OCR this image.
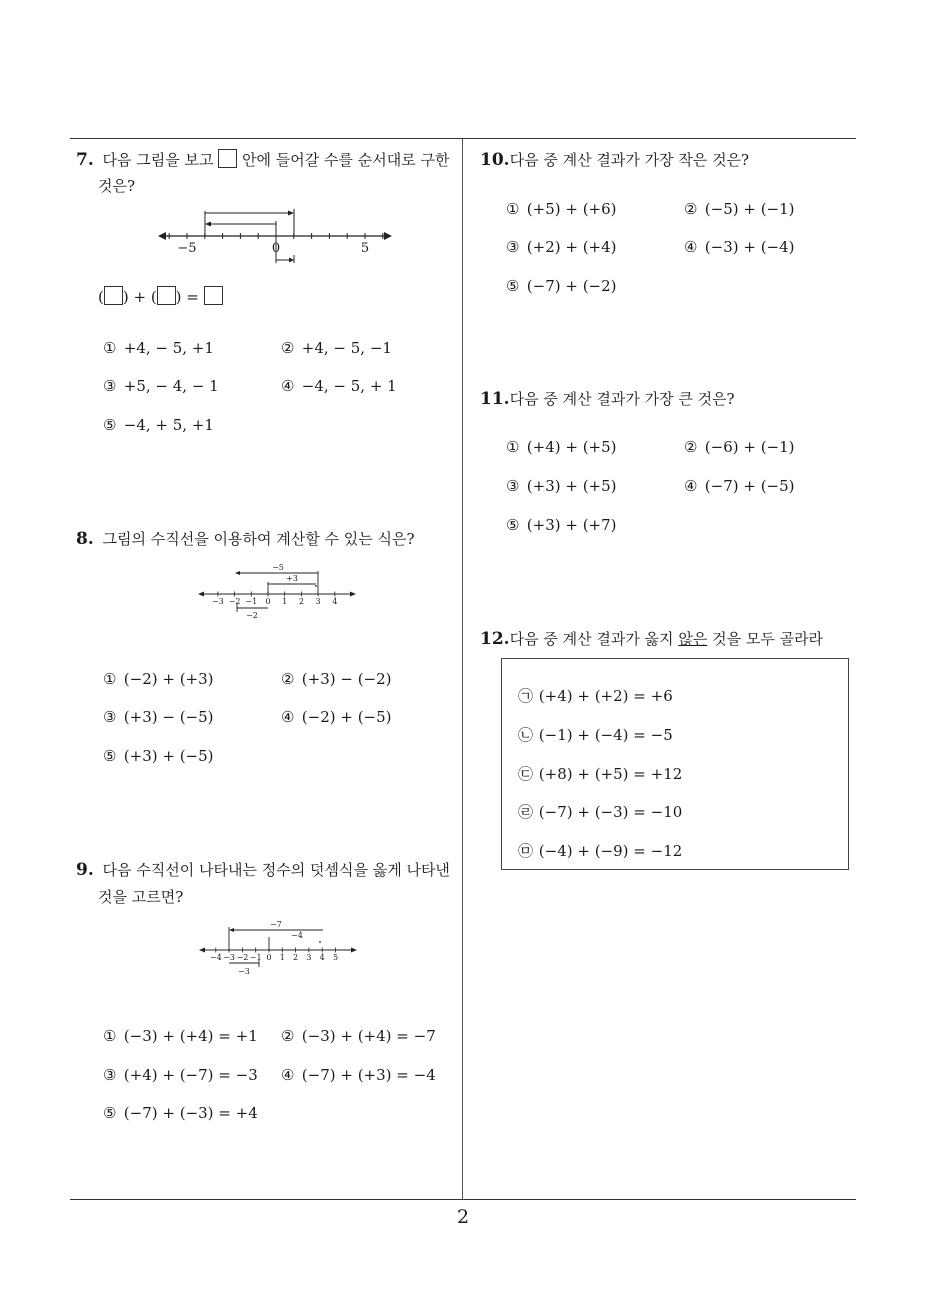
2
7. 다음 그림을 보고 안에 들어갈 수를 순서대로 구한
것은?
−5	0	5
( ) + ( ) =
① +4, − 5, +1	② +4, − 5, −1
③ +5, − 4, − 1	④ −4, − 5, + 1
⑤ −4, + 5, +1
8. 그림의 수직선을 이용하여 계산할 수 있는 식은?
−3 −2 −1 0 1 2 3 4
−5
+3
−2
① (−2) + (+3)	② (+3) − (−2)
③ (+3) − (−5)	④ (−2) + (−5)
⑤ (+3) + (−5)
9. 다음 수직선이 나타내는 정수의 덧셈식을 옳게 나타낸
것을 고르면?
−4 −3 −2 −1 0 1 2 3 4 5
−7
−4
−3
① (−3) + (+4) = +1 ② (−3) + (+4) = −7
③ (+4) + (−7) = −3 ④ (−7) + (+3) = −4
⑤ (−7) + (−3) = +4
10.다음 중 계산 결과가 가장 작은 것은?
① (+5) + (+6)	② (−5) + (−1)
③ (+2) + (+4)	④ (−3) + (−4)
⑤ (−7) + (−2)
11.다음 중 계산 결과가 가장 큰 것은?
① (+4) + (+5)	② (−6) + (−1)
③ (+3) + (+5)	④ (−7) + (−5)
⑤ (+3) + (+7)
12.다음 중 계산 결과가 옳지 않은 것을 모두 골라라
㉠ (+4) + (+2) = +6
㉡ (−1) + (−4) = −5
㉢ (+8) + (+5) = +12
㉣ (−7) + (−3) = −10
㉤ (−4) + (−9) = −12
